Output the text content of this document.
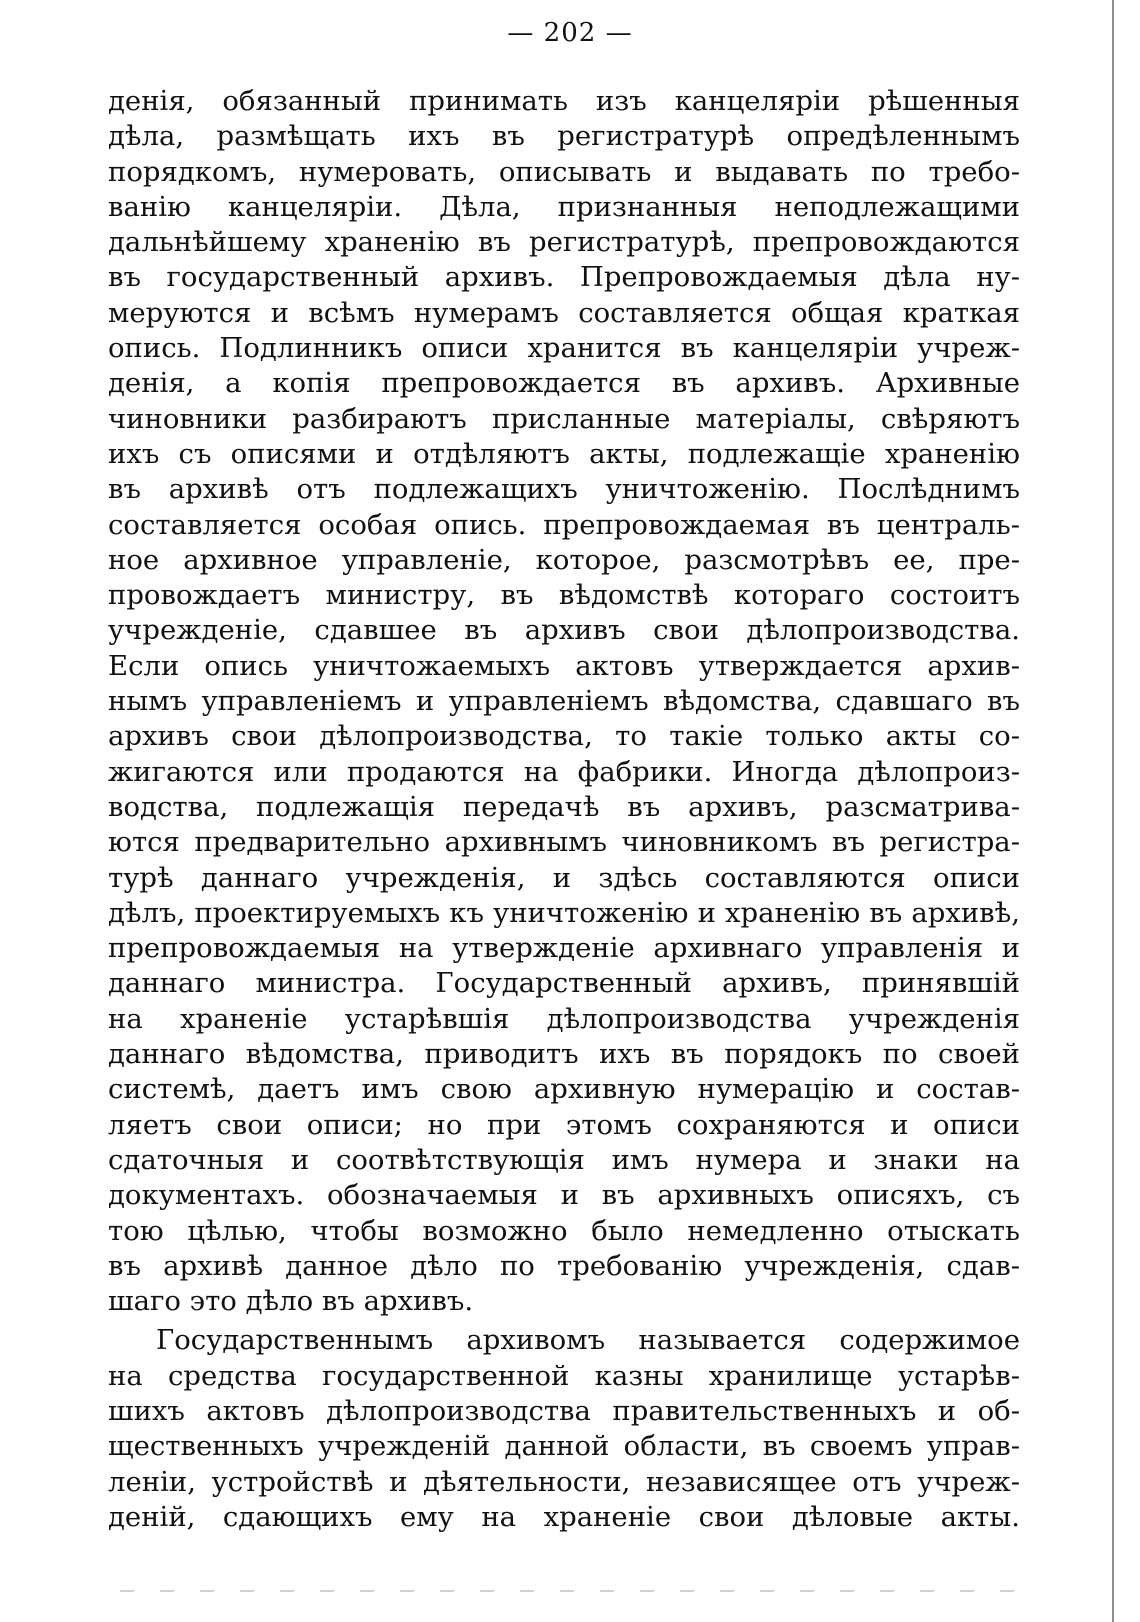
— 202 —
денія, обязанный принимать изъ канцеляріи рѣшенныя
дѣла, размѣщать ихъ въ регистратурѣ опредѣленнымъ
порядкомъ, нумеровать, описывать и выдавать по требо-
ванію канцеляріи. Дѣла, признанныя неподлежащими
дальнѣйшему храненію въ регистратурѣ, препровождаются
въ государственный архивъ. Препровождаемыя дѣла ну-
меруются и всѣмъ нумерамъ составляется общая краткая
опись. Подлинникъ описи хранится въ канцеляріи учреж-
денія, а копія препровождается въ архивъ. Архивные
чиновники разбираютъ присланные матеріалы, свѣряютъ
ихъ съ описями и отдѣляютъ акты, подлежащіе храненію
въ архивѣ отъ подлежащихъ уничтоженію. Послѣднимъ
составляется особая опись. препровождаемая въ централь-
ное архивное управленіе, которое, разсмотрѣвъ ее, пре-
провождаетъ министру, въ вѣдомствѣ котораго состоитъ
учрежденіе, сдавшее въ архивъ свои дѣлопроизводства.
Если опись уничтожаемыхъ актовъ утверждается архив-
нымъ управленіемъ и управленіемъ вѣдомства, сдавшаго въ
архивъ свои дѣлопроизводства, то такіе только акты со-
жигаются или продаются на фабрики. Иногда дѣлопроиз-
водства, подлежащія передачѣ въ архивъ, разсматрива-
ются предварительно архивнымъ чиновникомъ въ регистра-
турѣ даннаго учрежденія, и здѣсь составляются описи
дѣлъ, проектируемыхъ къ уничтоженію и храненію въ архивѣ,
препровождаемыя на утвержденіе архивнаго управленія и
даннаго министра. Государственный архивъ, принявшій
на храненіе устарѣвшія дѣлопроизводства учрежденія
даннаго вѣдомства, приводитъ ихъ въ порядокъ по своей
системѣ, даетъ имъ свою архивную нумерацію и состав-
ляетъ свои описи; но при этомъ сохраняются и описи
сдаточныя и соотвѣтствующія имъ нумера и знаки на
документахъ. обозначаемыя и въ архивныхъ описяхъ, съ
тою цѣлью, чтобы возможно было немедленно отыскать
въ архивѣ данное дѣло по требованію учрежденія, сдав-
шаго это дѣло въ архивъ.
Государственнымъ архивомъ называется содержимое
на средства государственной казны хранилище устарѣв-
шихъ актовъ дѣлопроизводства правительственныхъ и об-
щественныхъ учрежденій данной области, въ своемъ управ-
леніи, устройствѣ и дѣятельности, независящее отъ учреж-
деній, сдающихъ ему на храненіе свои дѣловые акты.
